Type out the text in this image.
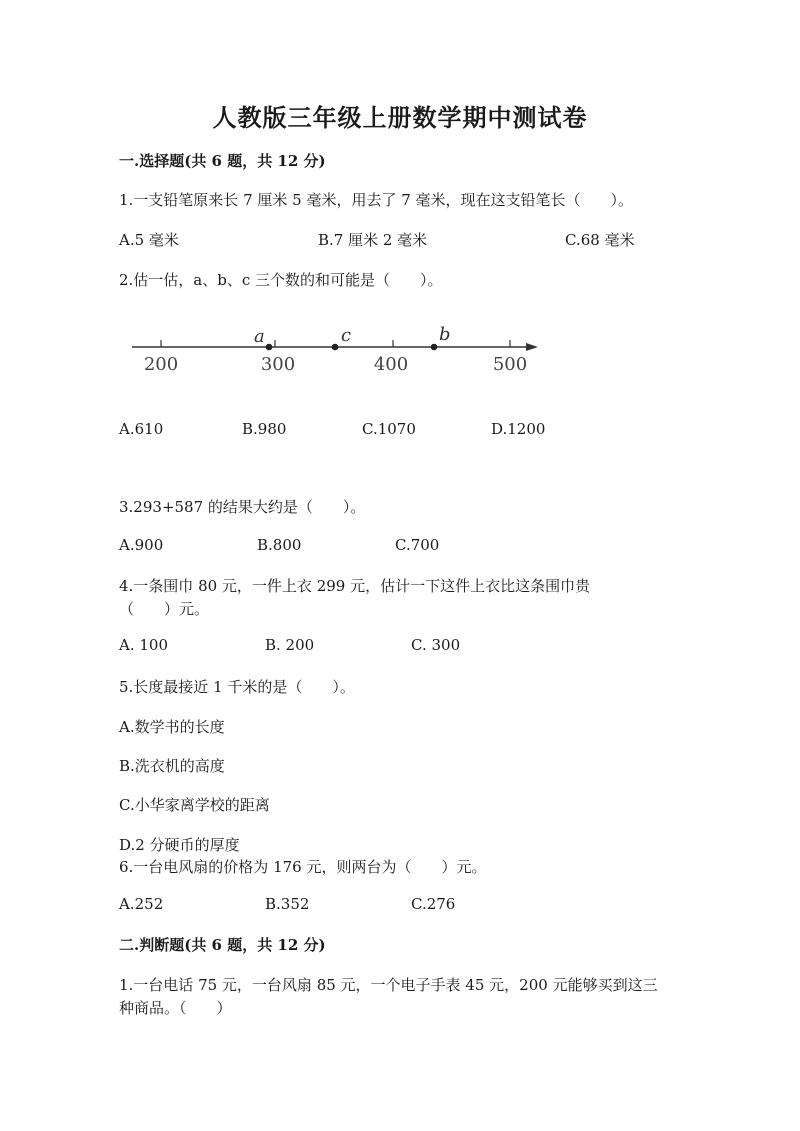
人教版三年级上册数学期中测试卷
一.选择题(共 6 题，共 12 分)
1.一支铅笔原来长 7 厘米 5 毫米，用去了 7 毫米，现在这支铅笔长（　　）。
A.5 毫米	B.7 厘米 2 毫米	C.68 毫米
2.估一估，a、b、c 三个数的和可能是（　　）。
a	c	b
200	300	400	500
A.610	B.980	C.1070	D.1200
3.293+587 的结果大约是（　　）。
A.900	B.800	C.700
4.一条围巾 80 元，一件上衣 299 元，估计一下这件上衣比这条围巾贵
（　　）元。
A. 100	B. 200	C. 300
5.长度最接近 1 千米的是（　　）。
A.数学书的长度
B.洗衣机的高度
C.小华家离学校的距离
D.2 分硬币的厚度
6.一台电风扇的价格为 176 元，则两台为（　　）元。
A.252	B.352	C.276
二.判断题(共 6 题，共 12 分)
1.一台电话 75 元，一台风扇 85 元，一个电子手表 45 元，200 元能够买到这三
种商品。（　　）
